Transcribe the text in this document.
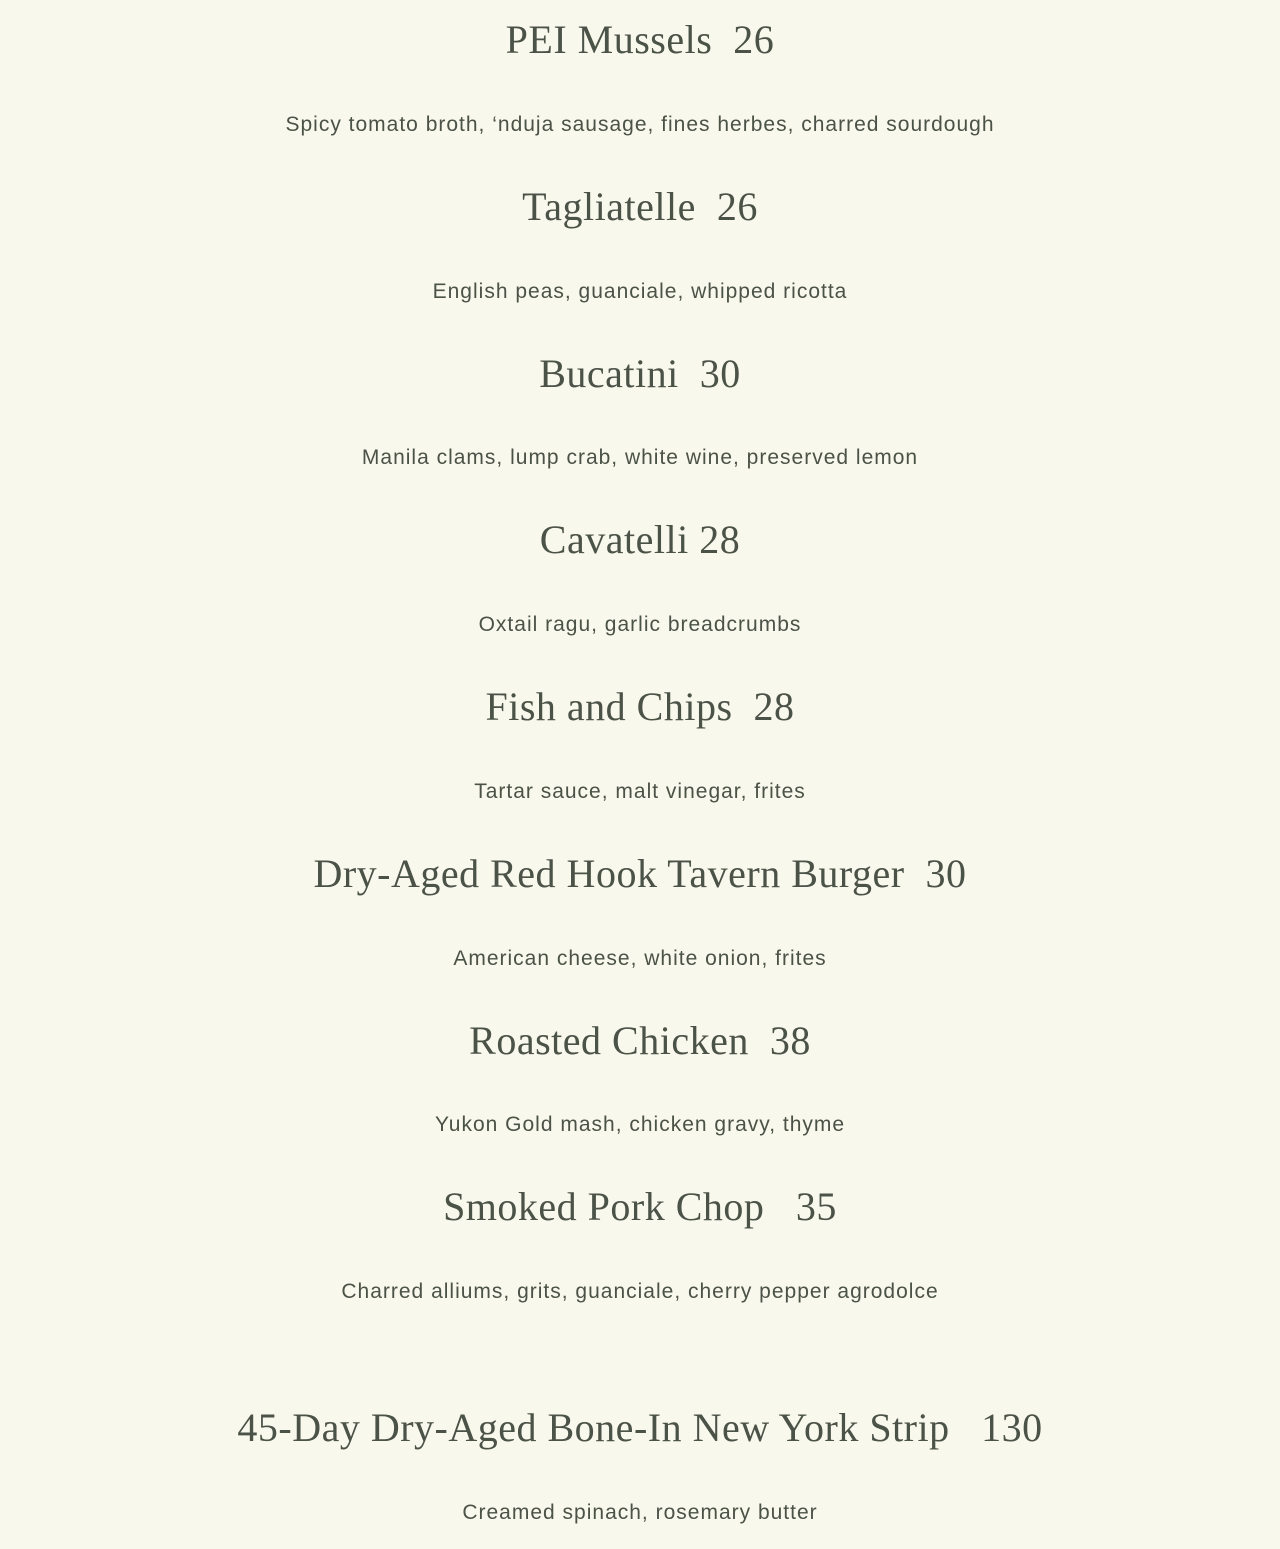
PEI Mussels  26

Spicy tomato broth, ‘nduja sausage, fines herbes, charred sourdough

Tagliatelle  26

English peas, guanciale, whipped ricotta

Bucatini  30

Manila clams, lump crab, white wine, preserved lemon

Cavatelli 28

Oxtail ragu, garlic breadcrumbs

Fish and Chips  28

Tartar sauce, malt vinegar, frites

Dry-Aged Red Hook Tavern Burger  30

American cheese, white onion, frites

Roasted Chicken  38

Yukon Gold mash, chicken gravy, thyme

Smoked Pork Chop   35

Charred alliums, grits, guanciale, cherry pepper agrodolce

45-Day Dry-Aged Bone-In New York Strip   130

Creamed spinach, rosemary butter
